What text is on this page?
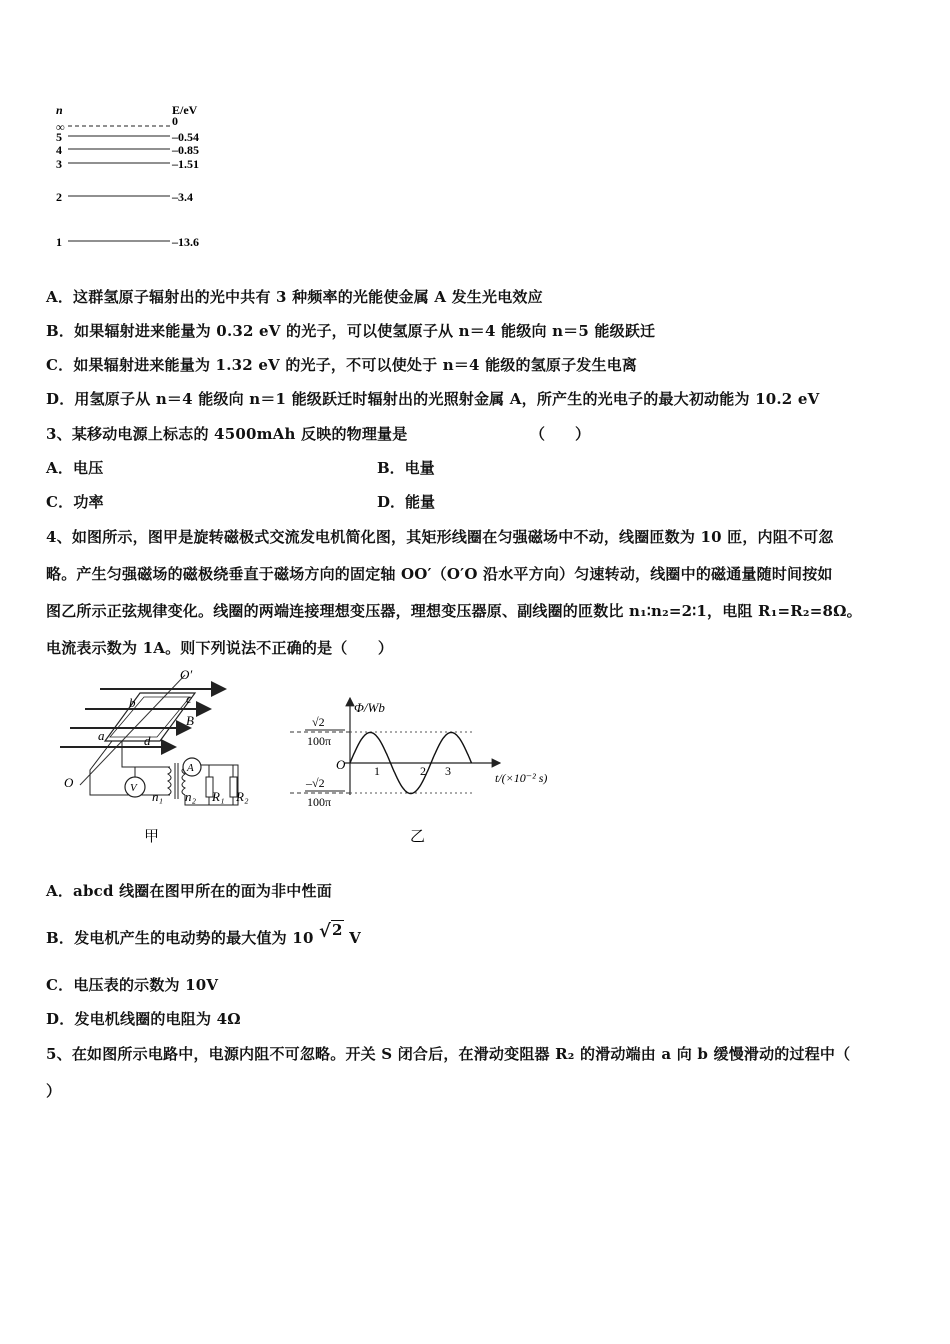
n	E/eV
∞	0
5	–0.54
4	–0.85
3	–1.51
2	–3.4
1	–13.6
A．这群氢原子辐射出的光中共有 3 种频率的光能使金属 A 发生光电效应
B．如果辐射进来能量为 0.32 eV 的光子，可以使氢原子从 n＝4 能级向 n＝5 能级跃迁
C．如果辐射进来能量为 1.32 eV 的光子，不可以使处于 n＝4 能级的氢原子发生电离
D．用氢原子从 n＝4 能级向 n＝1 能级跃迁时辐射出的光照射金属 A，所产生的光电子的最大初动能为 10.2 eV
3、某移动电源上标志的 4500mAh 反映的物理量是	（　　）
A．电压	B．电量
C．功率	D．能量
4、如图所示，图甲是旋转磁极式交流发电机简化图，其矩形线圈在匀强磁场中不动，线圈匝数为 10 匝，内阻不可忽
略。产生匀强磁场的磁极绕垂直于磁场方向的固定轴 OO′（O′O 沿水平方向）匀速转动，线圈中的磁通量随时间按如
图乙所示正弦规律变化。线圈的两端连接理想变压器，理想变压器原、副线圈的匝数比 n₁∶n₂=2∶1，电阻 R₁=R₂=8Ω。
电流表示数为 1A。则下列说法不正确的是（　　）
O′
b	c
B
a	d
O	V
A
n₁ n₂ R₁ R₂
甲
Φ/Wb
√2
100π
–√2
100π
O 1	2 3	t/(×10⁻² s)
乙
A．abcd 线圈在图甲所在的面为非中性面
B．发电机产生的电动势的最大值为 10 √2 V
C．电压表的示数为 10V
D．发电机线圈的电阻为 4Ω
5、在如图所示电路中，电源内阻不可忽略。开关 S 闭合后，在滑动变阻器 R₂ 的滑动端由 a 向 b 缓慢滑动的过程中（
）
